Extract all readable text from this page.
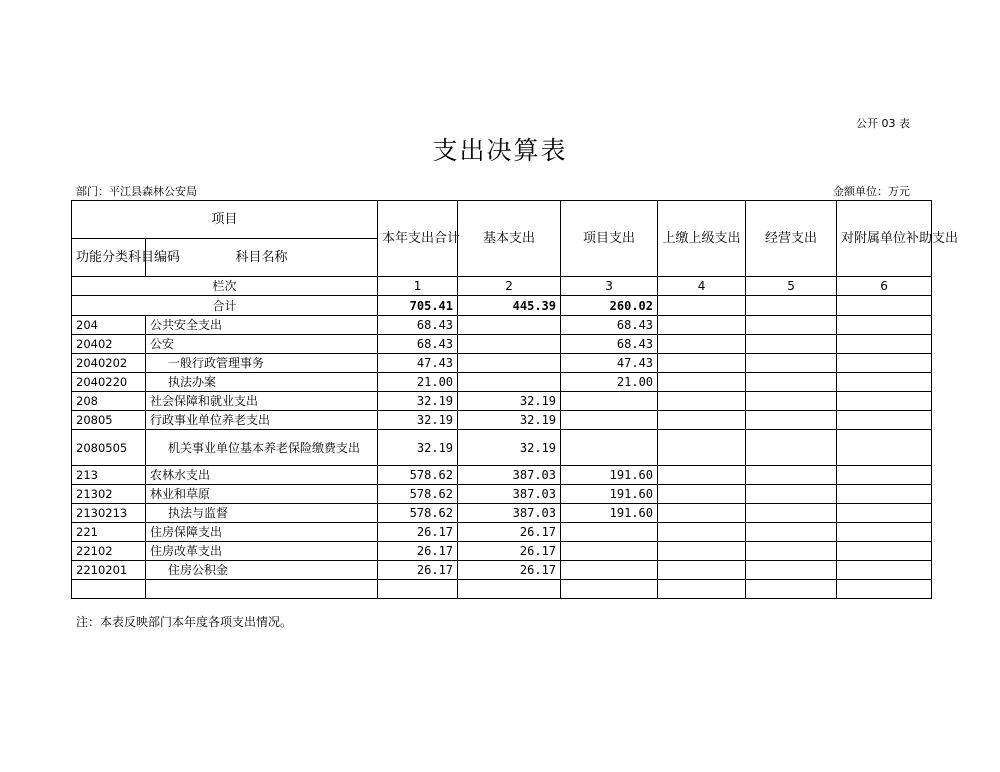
公开 03 表
支出决算表
部门：平江县森林公安局	金额单位：万元
项目		本年支出合计	基本支出	项目支出	上缴上级支出	经营支出	对附属单位补助支出
功能分类科目编码	科目名称						
栏次		1	2	3	4	5	6
合计		705.41	445.39	260.02			
204	公共安全支出	68.43		68.43			
20402	公安	68.43		68.43			
2040202	一般行政管理事务	47.43		47.43			
2040220	执法办案	21.00		21.00			
208	社会保障和就业支出	32.19	32.19				
20805	行政事业单位养老支出	32.19	32.19				
2080505	机关事业单位基本养老保险缴费支出	32.19	32.19				
213	农林水支出	578.62	387.03	191.60			
21302	林业和草原	578.62	387.03	191.60			
2130213	执法与监督	578.62	387.03	191.60			
221	住房保障支出	26.17	26.17				
22102	住房改革支出	26.17	26.17				
2210201	住房公积金	26.17	26.17				

注：本表反映部门本年度各项支出情况。
